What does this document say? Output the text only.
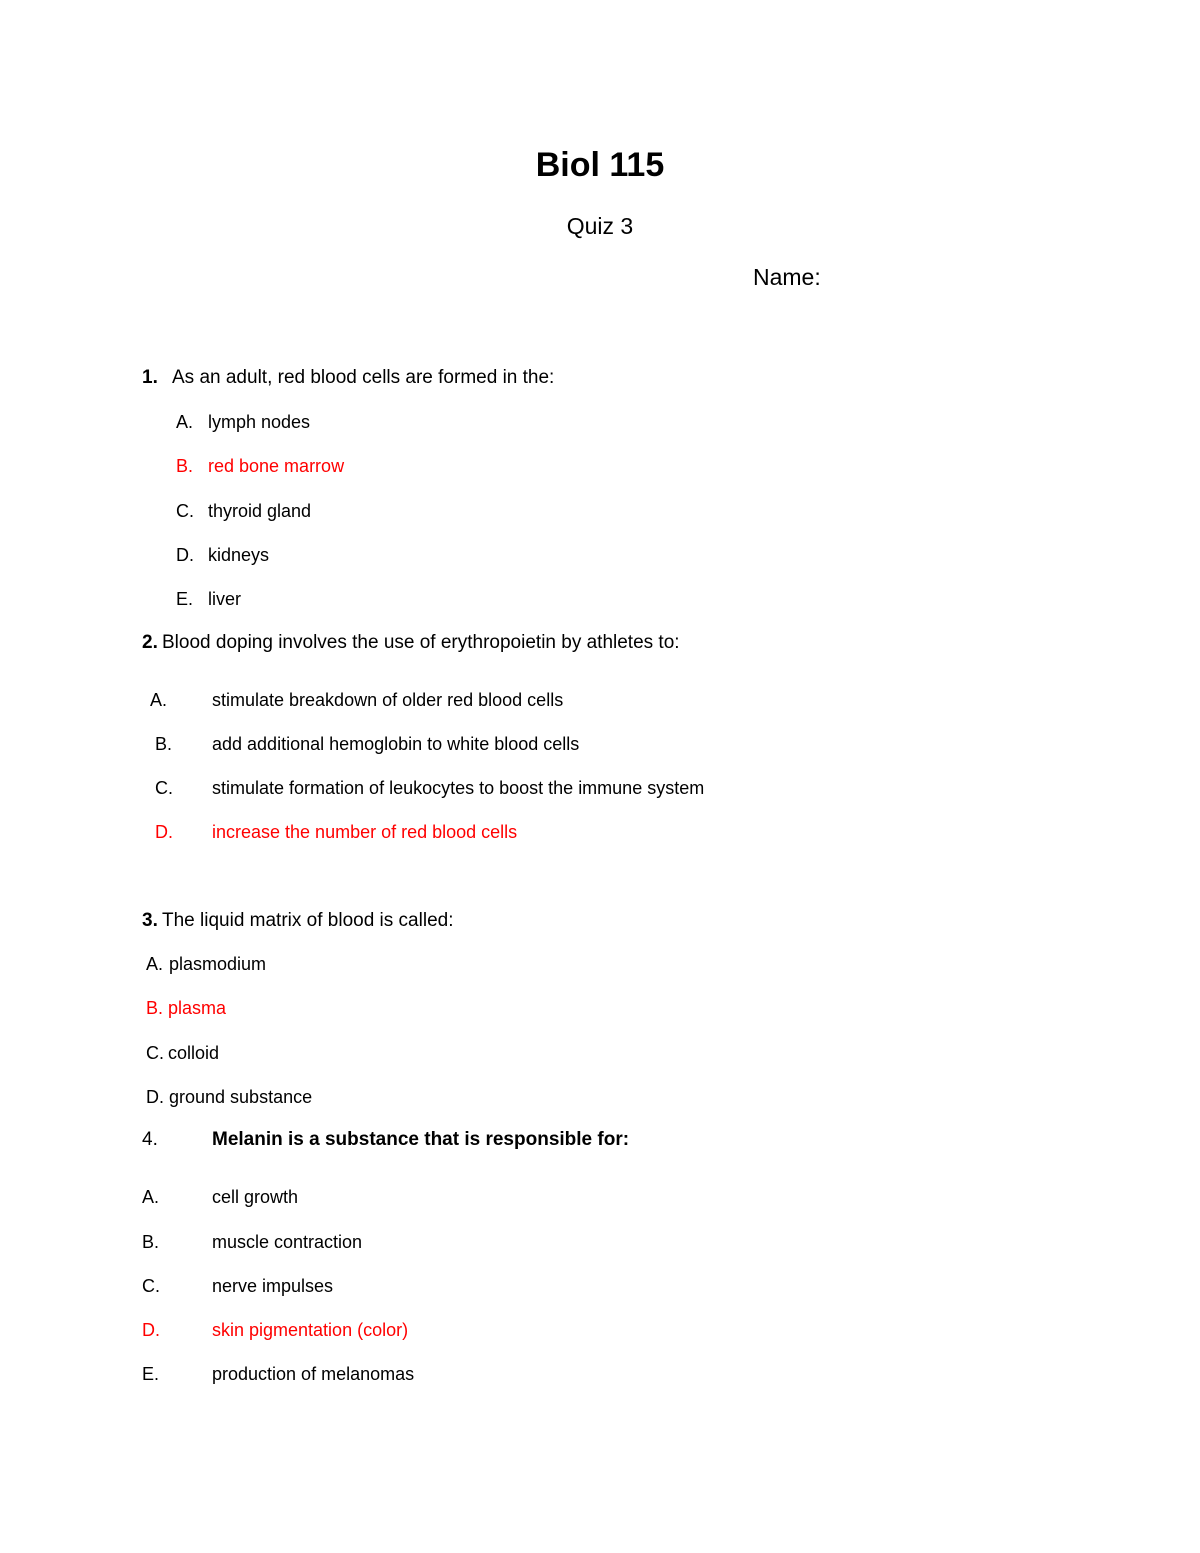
Biol 115
Quiz 3
Name:
1. As an adult, red blood cells are formed in the:
A. lymph nodes
B. red bone marrow
C. thyroid gland
D. kidneys
E. liver
2. Blood doping involves the use of erythropoietin by athletes to:
A. stimulate breakdown of older red blood cells
B. add additional hemoglobin to white blood cells
C. stimulate formation of leukocytes to boost the immune system
D. increase the number of red blood cells
3. The liquid matrix of blood is called:
A. plasmodium
B. plasma
C. colloid
D. ground substance
4.	Melanin is a substance that is responsible for:
A.	cell growth
B.	muscle contraction
C.	nerve impulses
D.	skin pigmentation (color)
E.	production of melanomas
